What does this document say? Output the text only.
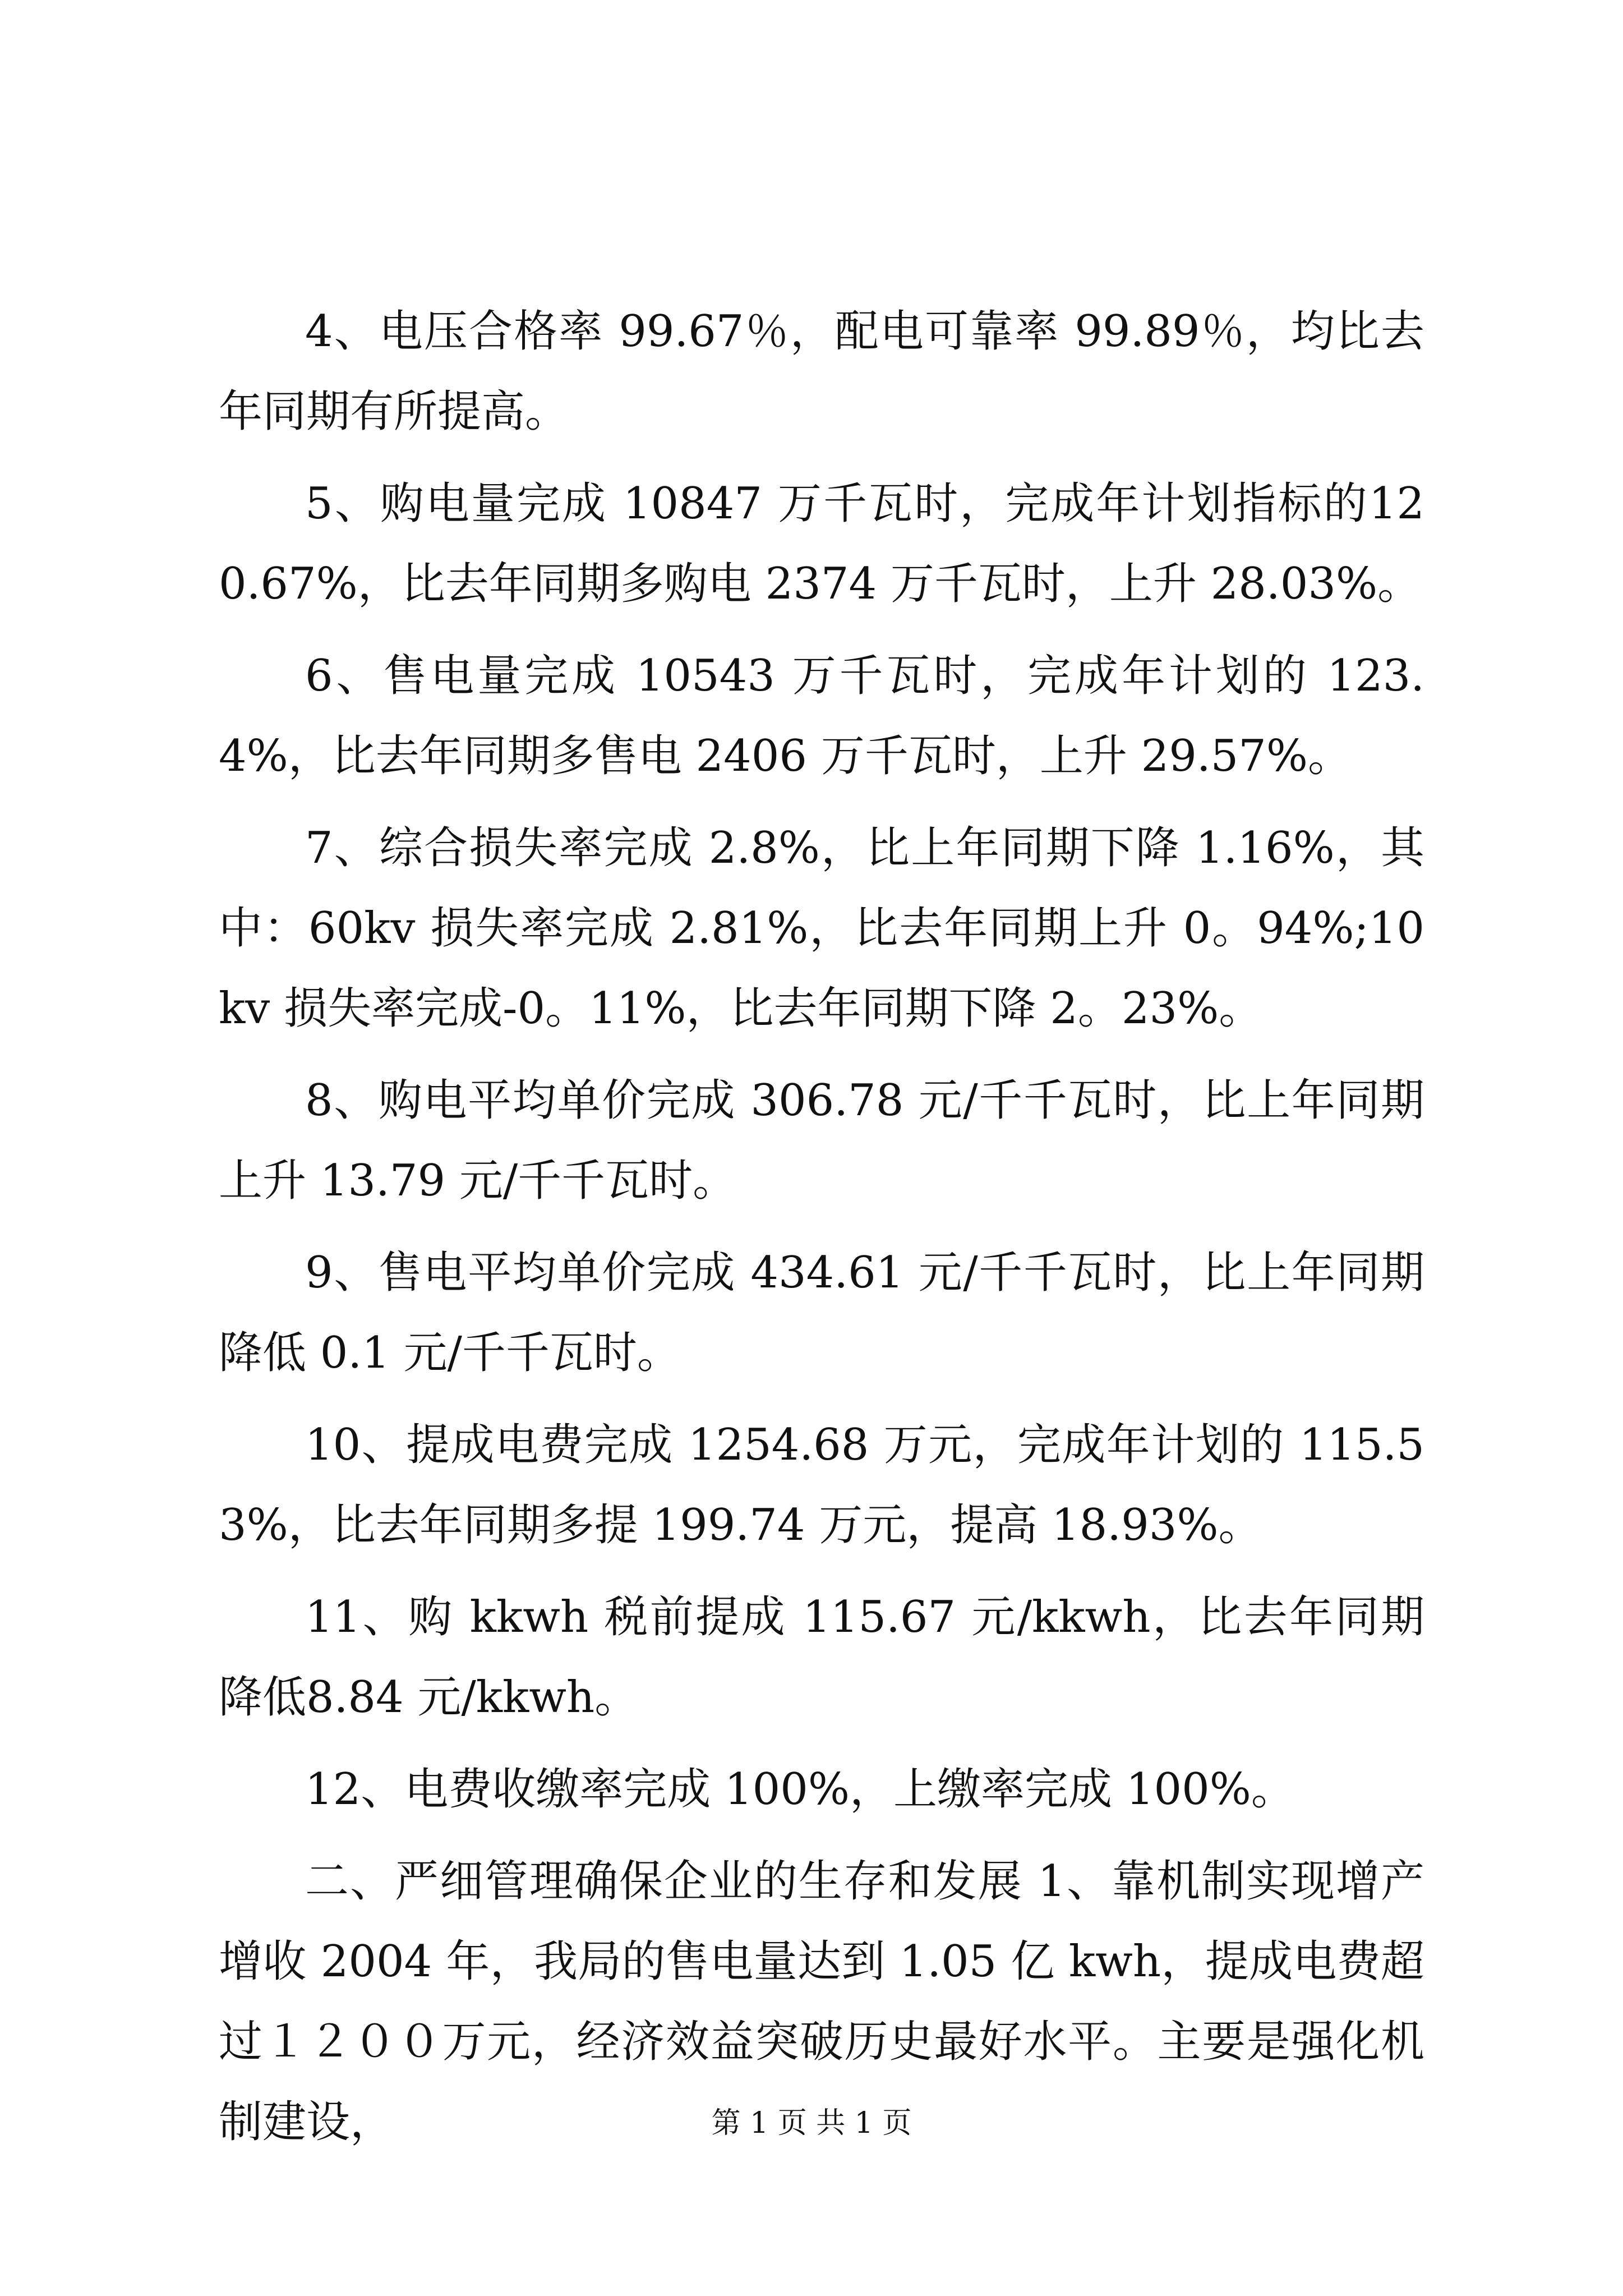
4、电压合格率 99.67％，配电可靠率 99.89％，均比去年同期有所提高。

5、购电量完成 10847 万千瓦时，完成年计划指标的120.67%，比去年同期多购电 2374 万千瓦时，上升 28.03%。

6、售电量完成 10543 万千瓦时，完成年计划的 123.4%，比去年同期多售电 2406 万千瓦时，上升 29.57%。

7、综合损失率完成 2.8%，比上年同期下降 1.16%，其中：60kv 损失率完成 2.81%，比去年同期上升 0。94%;10kv 损失率完成-0。11%，比去年同期下降 2。23%。

8、购电平均单价完成 306.78 元/千千瓦时，比上年同期上升 13.79 元/千千瓦时。

9、售电平均单价完成 434.61 元/千千瓦时，比上年同期降低 0.1 元/千千瓦时。

10、提成电费完成 1254.68 万元，完成年计划的 115.53%，比去年同期多提 199.74 万元，提高 18.93%。

11、购 kkwh 税前提成 115.67 元/kkwh，比去年同期降低8.84 元/kkwh。

12、电费收缴率完成 100%，上缴率完成 100%。

二、严细管理确保企业的生存和发展 1、靠机制实现增产增收 2004 年，我局的售电量达到 1.05 亿 kwh，提成电费超过１２００万元，经济效益突破历史最好水平。主要是强化机制建设，	第 1 页 共 1 页
